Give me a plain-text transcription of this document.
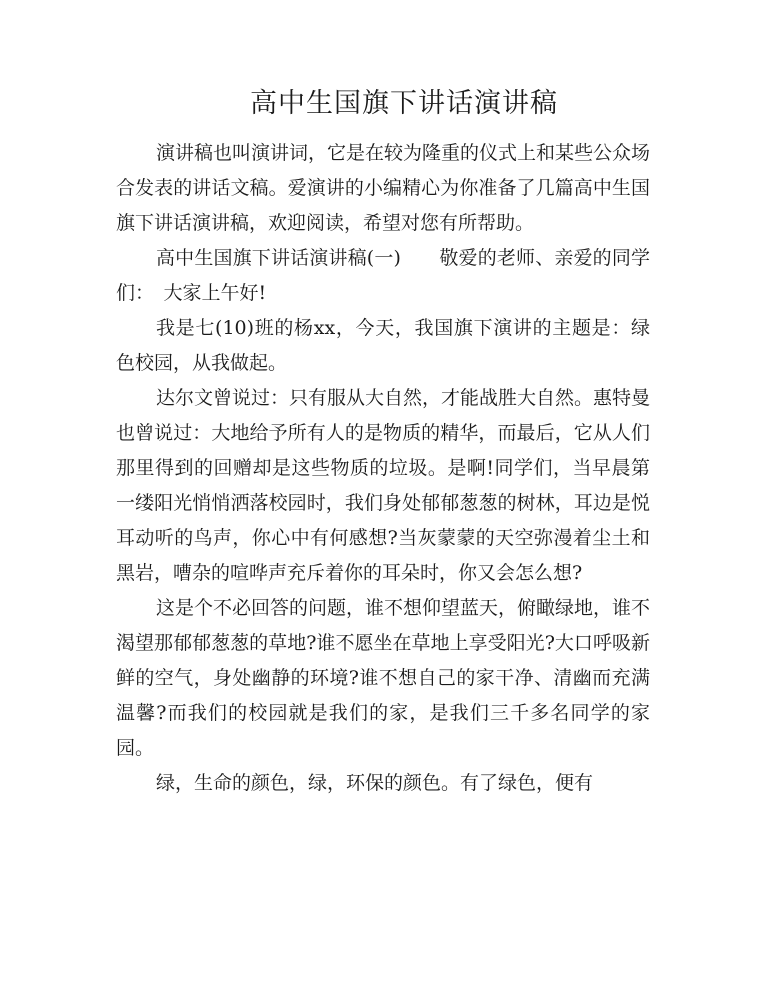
高中生国旗下讲话演讲稿

演讲稿也叫演讲词，它是在较为隆重的仪式上和某些公众场合发表的讲话文稿。爱演讲的小编精心为你准备了几篇高中生国旗下讲话演讲稿，欢迎阅读，希望对您有所帮助。

高中生国旗下讲话演讲稿(一)　　敬爱的老师、亲爱的同学们：　大家上午好!

我是七(10)班的杨xx，今天，我国旗下演讲的主题是：绿色校园，从我做起。

达尔文曾说过：只有服从大自然，才能战胜大自然。惠特曼也曾说过：大地给予所有人的是物质的精华，而最后，它从人们那里得到的回赠却是这些物质的垃圾。是啊!同学们，当早晨第一缕阳光悄悄洒落校园时，我们身处郁郁葱葱的树林，耳边是悦耳动听的鸟声，你心中有何感想?当灰蒙蒙的天空弥漫着尘土和黑岩，嘈杂的喧哗声充斥着你的耳朵时，你又会怎么想?

这是个不必回答的问题，谁不想仰望蓝天，俯瞰绿地，谁不渴望那郁郁葱葱的草地?谁不愿坐在草地上享受阳光?大口呼吸新鲜的空气，身处幽静的环境?谁不想自己的家干净、清幽而充满温馨?而我们的校园就是我们的家，是我们三千多名同学的家园。

绿，生命的颜色，绿，环保的颜色。有了绿色，便有
